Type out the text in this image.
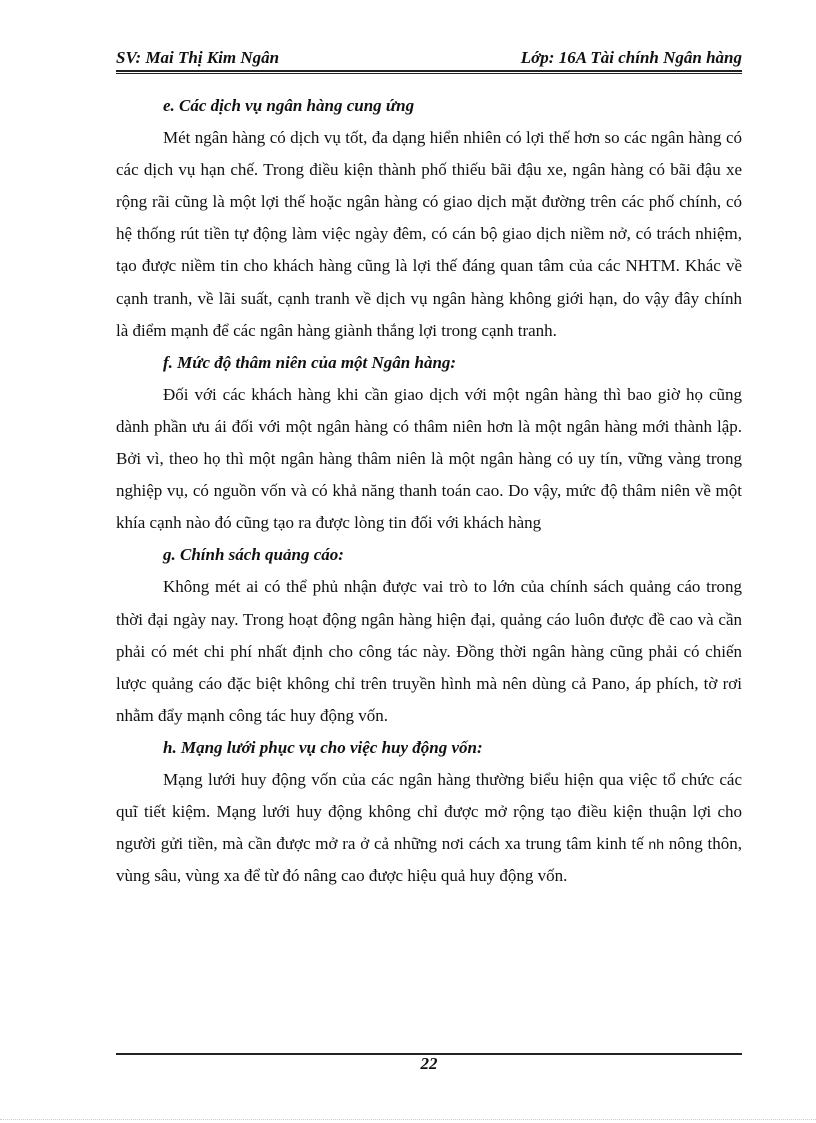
SV: Mai Thị Kim Ngân	Lớp: 16A Tài chính Ngân hàng
e. Các dịch vụ ngân hàng cung ứng

Mét ngân hàng có dịch vụ tốt, đa dạng hiển nhiên có lợi thế hơn so các ngân hàng có các dịch vụ hạn chế. Trong điều kiện thành phố thiếu bãi đậu xe, ngân hàng có bãi đậu xe rộng rãi cũng là một lợi thế hoặc ngân hàng có giao dịch mặt đường trên các phố chính, có hệ thống rút tiền tự động làm việc ngày đêm, có cán bộ giao dịch niềm nở, có trách nhiệm, tạo được niềm tin cho khách hàng cũng là lợi thế đáng quan tâm của các NHTM. Khác về cạnh tranh, về lãi suất, cạnh tranh về dịch vụ ngân hàng không giới hạn, do vậy đây chính là điểm mạnh để các ngân hàng giành thắng lợi trong cạnh tranh.

f. Mức độ thâm niên của một Ngân hàng:

Đối với các khách hàng khi cần giao dịch với một ngân hàng thì bao giờ họ cũng dành phần ưu ái đối với một ngân hàng có thâm niên hơn là một ngân hàng mới thành lập. Bởi vì, theo họ thì một ngân hàng thâm niên là một ngân hàng có uy tín, vững vàng trong nghiệp vụ, có nguồn vốn và có khả năng thanh toán cao. Do vậy, mức độ thâm niên về một khía cạnh nào đó cũng tạo ra được lòng tin đối với khách hàng

g. Chính sách quảng cáo:

Không mét ai có thể phủ nhận được vai trò to lớn của chính sách quảng cáo trong thời đại ngày nay. Trong hoạt động ngân hàng hiện đại, quảng cáo luôn được đề cao và cần phải có mét chi phí nhất định cho công tác này. Đồng thời ngân hàng cũng phải có chiến lược quảng cáo đặc biệt không chỉ trên truyền hình mà nên dùng cả Pano, áp phích, tờ rơi nhằm đẩy mạnh công tác huy động vốn.

h. Mạng lưới phục vụ cho việc huy động vốn:

Mạng lưới huy động vốn của các ngân hàng thường biểu hiện qua việc tổ chức các quĩ tiết kiệm. Mạng lưới huy động không chỉ được mở rộng tạo điều kiện thuận lợi cho người gửi tiền, mà cần được mở ra ở cả những nơi cách xa trung tâm kinh tế nh nông thôn, vùng sâu, vùng xa để từ đó nâng cao được hiệu quả huy động vốn.

22
